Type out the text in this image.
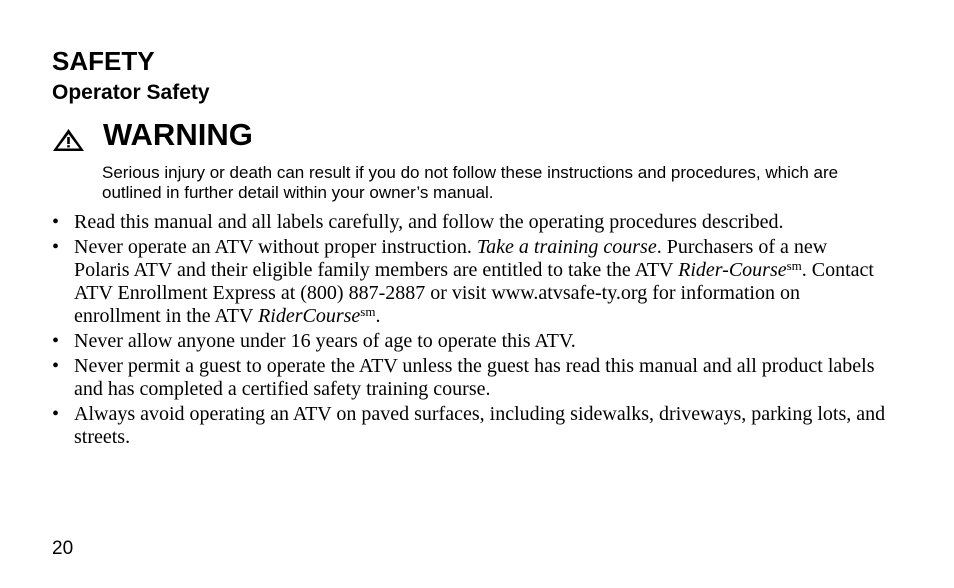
SAFETY
Operator Safety
WARNING
Serious injury or death can result if you do not follow these instructions and procedures, which are outlined in further detail within your owner’s manual.
• Read this manual and all labels carefully, and follow the operating procedures described.
• Never operate an ATV without proper instruction. Take a training course. Purchasers of a new Polaris ATV and their eligible family members are entitled to take the ATV Rider-Course$^{sm}$. Contact ATV Enrollment Express at (800) 887-2887 or visit www.atvsafe-ty.org for information on enrollment in the ATV RiderCourse$^{sm}$.
• Never allow anyone under 16 years of age to operate this ATV.
• Never permit a guest to operate the ATV unless the guest has read this manual and all product labels and has completed a certified safety training course.
• Always avoid operating an ATV on paved surfaces, including sidewalks, driveways, parking lots, and streets.
20
